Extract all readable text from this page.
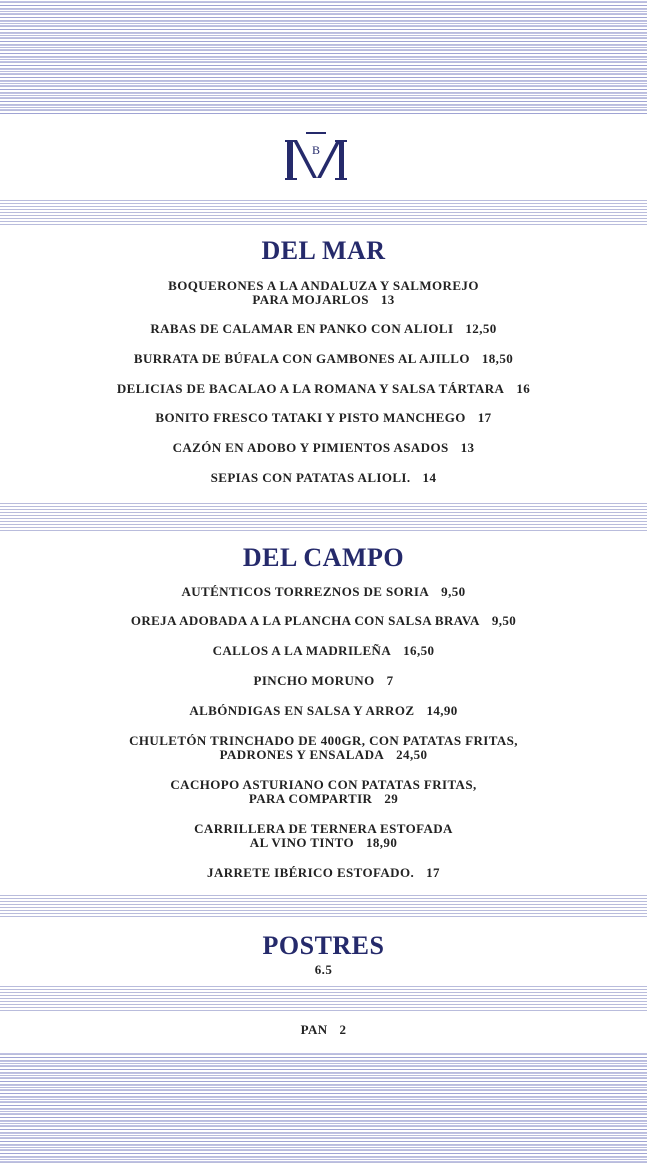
B
DEL MAR
BOQUERONES A LA ANDALUZA Y SALMOREJO
PARA MOJARLOS 13
RABAS DE CALAMAR EN PANKO CON ALIOLI 12,50
BURRATA DE BÚFALA CON GAMBONES AL AJILLO 18,50
DELICIAS DE BACALAO A LA ROMANA Y SALSA TÁRTARA 16
BONITO FRESCO TATAKI Y PISTO MANCHEGO 17
CAZÓN EN ADOBO Y PIMIENTOS ASADOS 13
SEPIAS CON PATATAS ALIOLI. 14
DEL CAMPO
AUTÉNTICOS TORREZNOS DE SORIA 9,50
OREJA ADOBADA A LA PLANCHA CON SALSA BRAVA 9,50
CALLOS A LA MADRILEÑA 16,50
PINCHO MORUNO 7
ALBÓNDIGAS EN SALSA Y ARROZ 14,90
CHULETÓN TRINCHADO DE 400GR, CON PATATAS FRITAS,
PADRONES Y ENSALADA 24,50
CACHOPO ASTURIANO CON PATATAS FRITAS,
PARA COMPARTIR 29
CARRILLERA DE TERNERA ESTOFADA
AL VINO TINTO 18,90
JARRETE IBÉRICO ESTOFADO. 17
POSTRES
6.5
PAN 2
